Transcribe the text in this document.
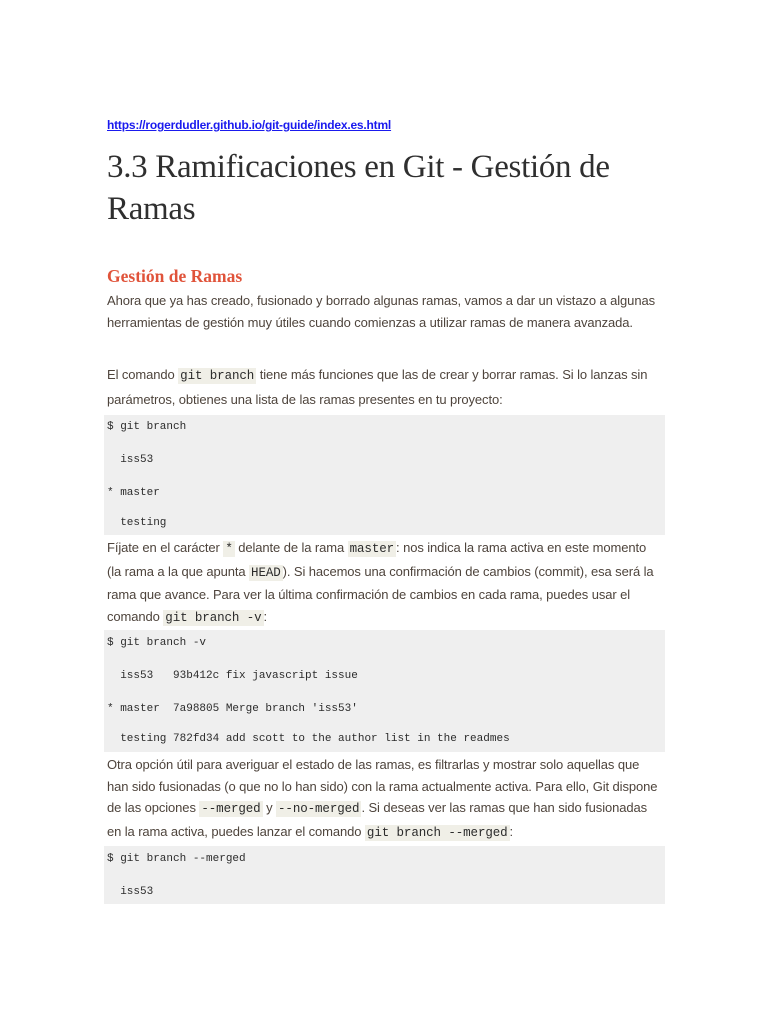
https://rogerdudler.github.io/git-guide/index.es.html
3.3 Ramificaciones en Git - Gestión de Ramas
Gestión de Ramas

Ahora que ya has creado, fusionado y borrado algunas ramas, vamos a dar un vistazo a algunas herramientas de gestión muy útiles cuando comienzas a utilizar ramas de manera avanzada.

El comando git branch tiene más funciones que las de crear y borrar ramas. Si lo lanzas sin parámetros, obtienes una lista de las ramas presentes en tu proyecto:

$ git branch
iss53
* master
testing

Fíjate en el carácter * delante de la rama master : nos indica la rama activa en este momento (la rama a la que apunta HEAD ). Si hacemos una confirmación de cambios (commit), esa será la rama que avance. Para ver la última confirmación de cambios en cada rama, puedes usar el comando git branch -v :

$ git branch -v
iss53   93b412c fix javascript issue
* master  7a98805 Merge branch 'iss53'
testing 782fd34 add scott to the author list in the readmes

Otra opción útil para averiguar el estado de las ramas, es filtrarlas y mostrar solo aquellas que han sido fusionadas (o que no lo han sido) con la rama actualmente activa. Para ello, Git dispone de las opciones --merged y --no-merged . Si deseas ver las ramas que han sido fusionadas en la rama activa, puedes lanzar el comando git branch --merged :

$ git branch --merged
iss53
